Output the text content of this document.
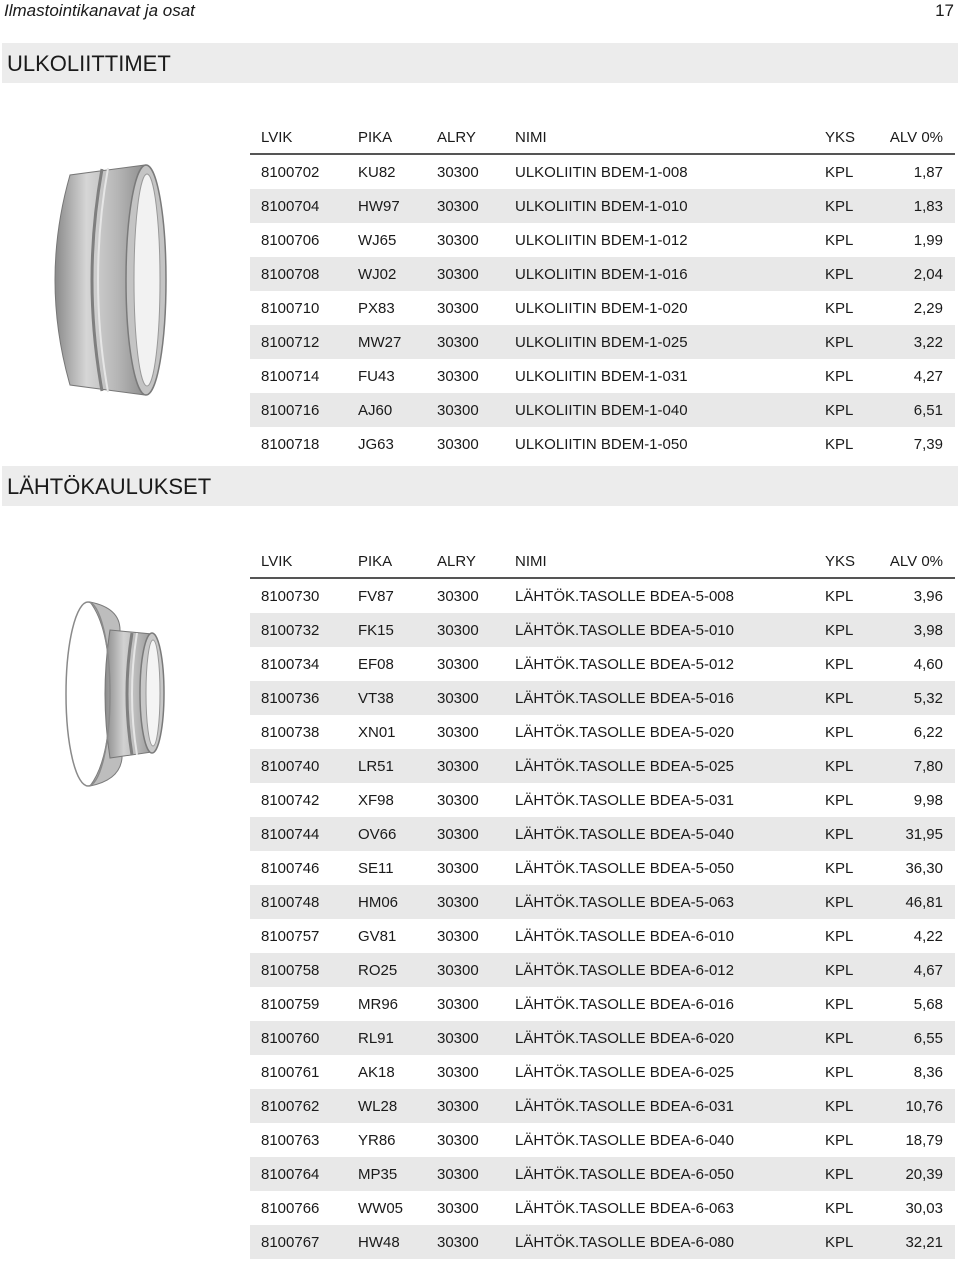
Ilmastointikanavat ja osat	17
ULKOLIITTIMET
LVIK	PIKA	ALRY	NIMI	YKS ALV 0%
8100702	KU82	30300 ULKOLIITIN BDEM-1-008	KPL	1,87
8100704	HW97 30300 ULKOLIITIN BDEM-1-010	KPL	1,83
8100706	WJ65	30300 ULKOLIITIN BDEM-1-012	KPL	1,99
8100708	WJ02	30300 ULKOLIITIN BDEM-1-016	KPL	2,04
8100710	PX83	30300 ULKOLIITIN BDEM-1-020	KPL	2,29
8100712	MW27 30300 ULKOLIITIN BDEM-1-025	KPL	3,22
8100714	FU43	30300 ULKOLIITIN BDEM-1-031	KPL	4,27
8100716	AJ60	30300 ULKOLIITIN BDEM-1-040	KPL	6,51
8100718	JG63	30300 ULKOLIITIN BDEM-1-050	KPL	7,39
LÄHTÖKAULUKSET
LVIK	PIKA	ALRY	NIMI	YKS ALV 0%
8100730	FV87	30300 LÄHTÖK.TASOLLE BDEA-5-008	KPL	3,96
8100732	FK15	30300 LÄHTÖK.TASOLLE BDEA-5-010	KPL	3,98
8100734	EF08	30300 LÄHTÖK.TASOLLE BDEA-5-012	KPL	4,60
8100736	VT38	30300 LÄHTÖK.TASOLLE BDEA-5-016	KPL	5,32
8100738	XN01	30300 LÄHTÖK.TASOLLE BDEA-5-020	KPL	6,22
8100740	LR51	30300 LÄHTÖK.TASOLLE BDEA-5-025	KPL	7,80
8100742	XF98	30300 LÄHTÖK.TASOLLE BDEA-5-031	KPL	9,98
8100744	OV66	30300 LÄHTÖK.TASOLLE BDEA-5-040	KPL	31,95
8100746	SE11	30300 LÄHTÖK.TASOLLE BDEA-5-050	KPL	36,30
8100748	HM06	30300 LÄHTÖK.TASOLLE BDEA-5-063	KPL	46,81
8100757	GV81	30300 LÄHTÖK.TASOLLE BDEA-6-010	KPL	4,22
8100758	RO25	30300 LÄHTÖK.TASOLLE BDEA-6-012	KPL	4,67
8100759	MR96	30300 LÄHTÖK.TASOLLE BDEA-6-016	KPL	5,68
8100760	RL91	30300 LÄHTÖK.TASOLLE BDEA-6-020	KPL	6,55
8100761	AK18	30300 LÄHTÖK.TASOLLE BDEA-6-025	KPL	8,36
8100762	WL28	30300 LÄHTÖK.TASOLLE BDEA-6-031	KPL	10,76
8100763	YR86	30300 LÄHTÖK.TASOLLE BDEA-6-040	KPL	18,79
8100764	MP35	30300 LÄHTÖK.TASOLLE BDEA-6-050	KPL	20,39
8100766	WW05 30300 LÄHTÖK.TASOLLE BDEA-6-063	KPL	30,03
8100767	HW48 30300 LÄHTÖK.TASOLLE BDEA-6-080	KPL	32,21
